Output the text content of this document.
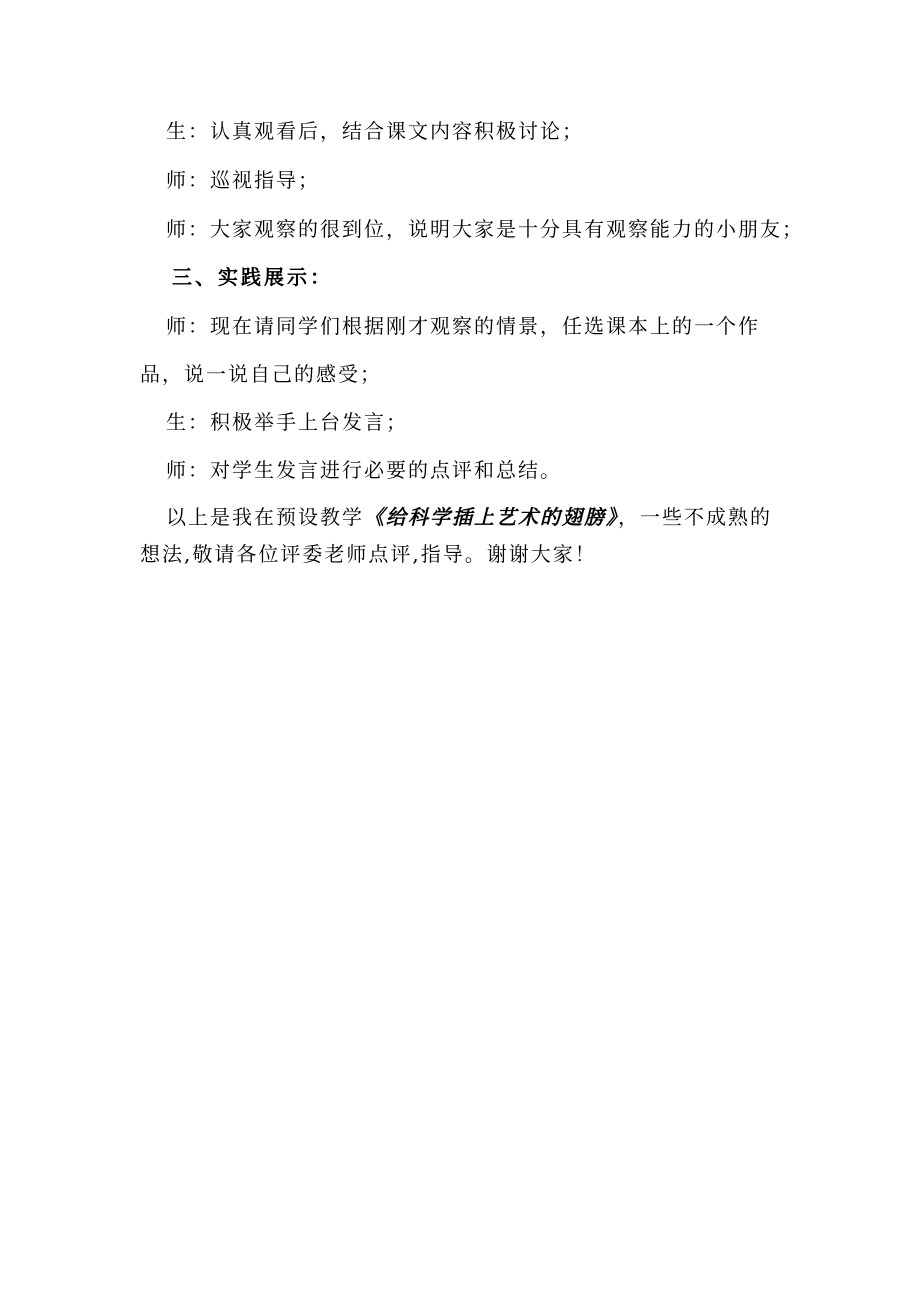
生：认真观看后，结合课文内容积极讨论；
师：巡视指导；
师：大家观察的很到位，说明大家是十分具有观察能力的小朋友；
三、实践展示：
师：现在请同学们根据刚才观察的情景，任选课本上的一个作
品，说一说自己的感受；
生：积极举手上台发言；
师：对学生发言进行必要的点评和总结。
以上是我在预设教学《给科学插上艺术的翅膀》，一些不成熟的
想法,敬请各位评委老师点评,指导。谢谢大家！
